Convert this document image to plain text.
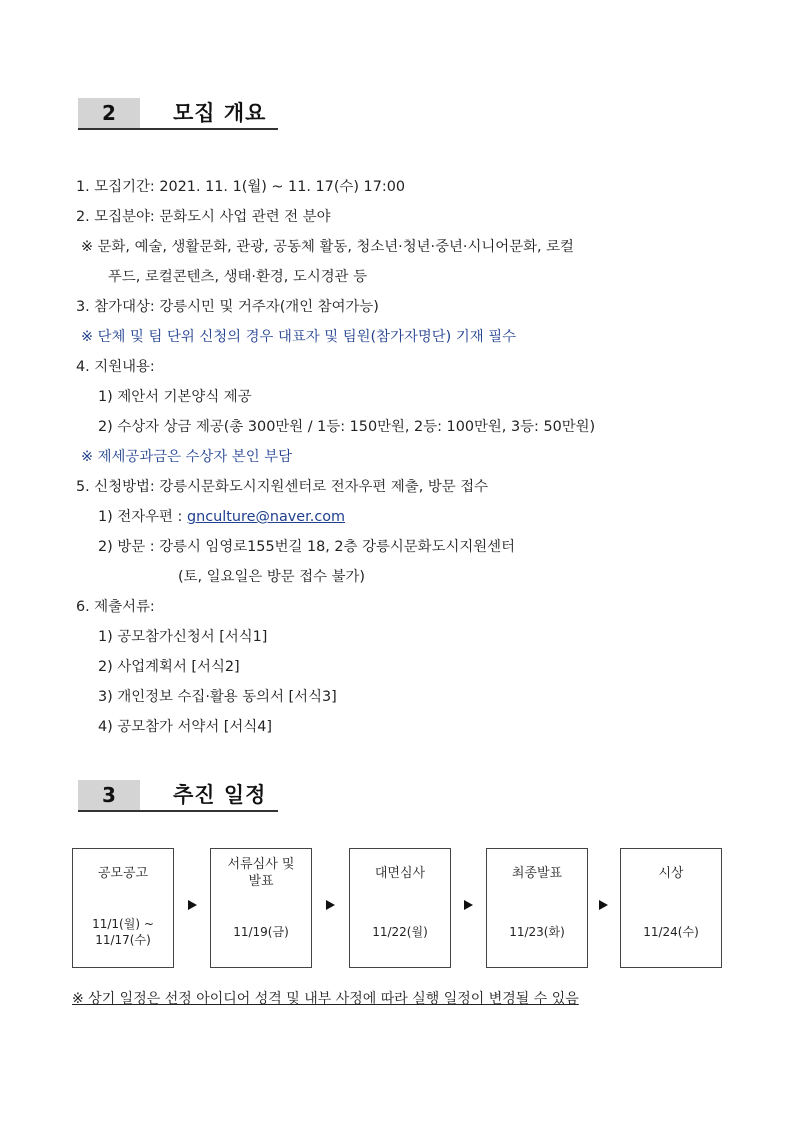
2	모집 개요
1. 모집기간: 2021. 11. 1(월) ~ 11. 17(수) 17:00
2. 모집분야: 문화도시 사업 관련 전 분야
※ 문화, 예술, 생활문화, 관광, 공동체 활동, 청소년·청년·중년·시니어문화, 로컬
푸드, 로컬콘텐츠, 생태·환경, 도시경관 등
3. 참가대상: 강릉시민 및 거주자(개인 참여가능)
※ 단체 및 팀 단위 신청의 경우 대표자 및 팀원(참가자명단) 기재 필수
4. 지원내용:
1) 제안서 기본양식 제공
2) 수상자 상금 제공(총 300만원 / 1등: 150만원, 2등: 100만원, 3등: 50만원)
※ 제세공과금은 수상자 본인 부담
5. 신청방법: 강릉시문화도시지원센터로 전자우편 제출, 방문 접수
1) 전자우편 : gnculture@naver.com
2) 방문 : 강릉시 임영로155번길 18, 2층 강릉시문화도시지원센터
(토, 일요일은 방문 접수 불가)
6. 제출서류:
1) 공모참가신청서 [서식1]
2) 사업계획서 [서식2]
3) 개인정보 수집·활용 동의서 [서식3]
4) 공모참가 서약서 [서식4]
3	추진 일정
공모공고
11/1(월) ~
11/17(수)
서류심사 및
발표
11/19(금)
대면심사
11/22(월)
최종발표
11/23(화)
시상
11/24(수)
※ 상기 일정은 선정 아이디어 성격 및 내부 사정에 따라 실행 일정이 변경될 수 있음
